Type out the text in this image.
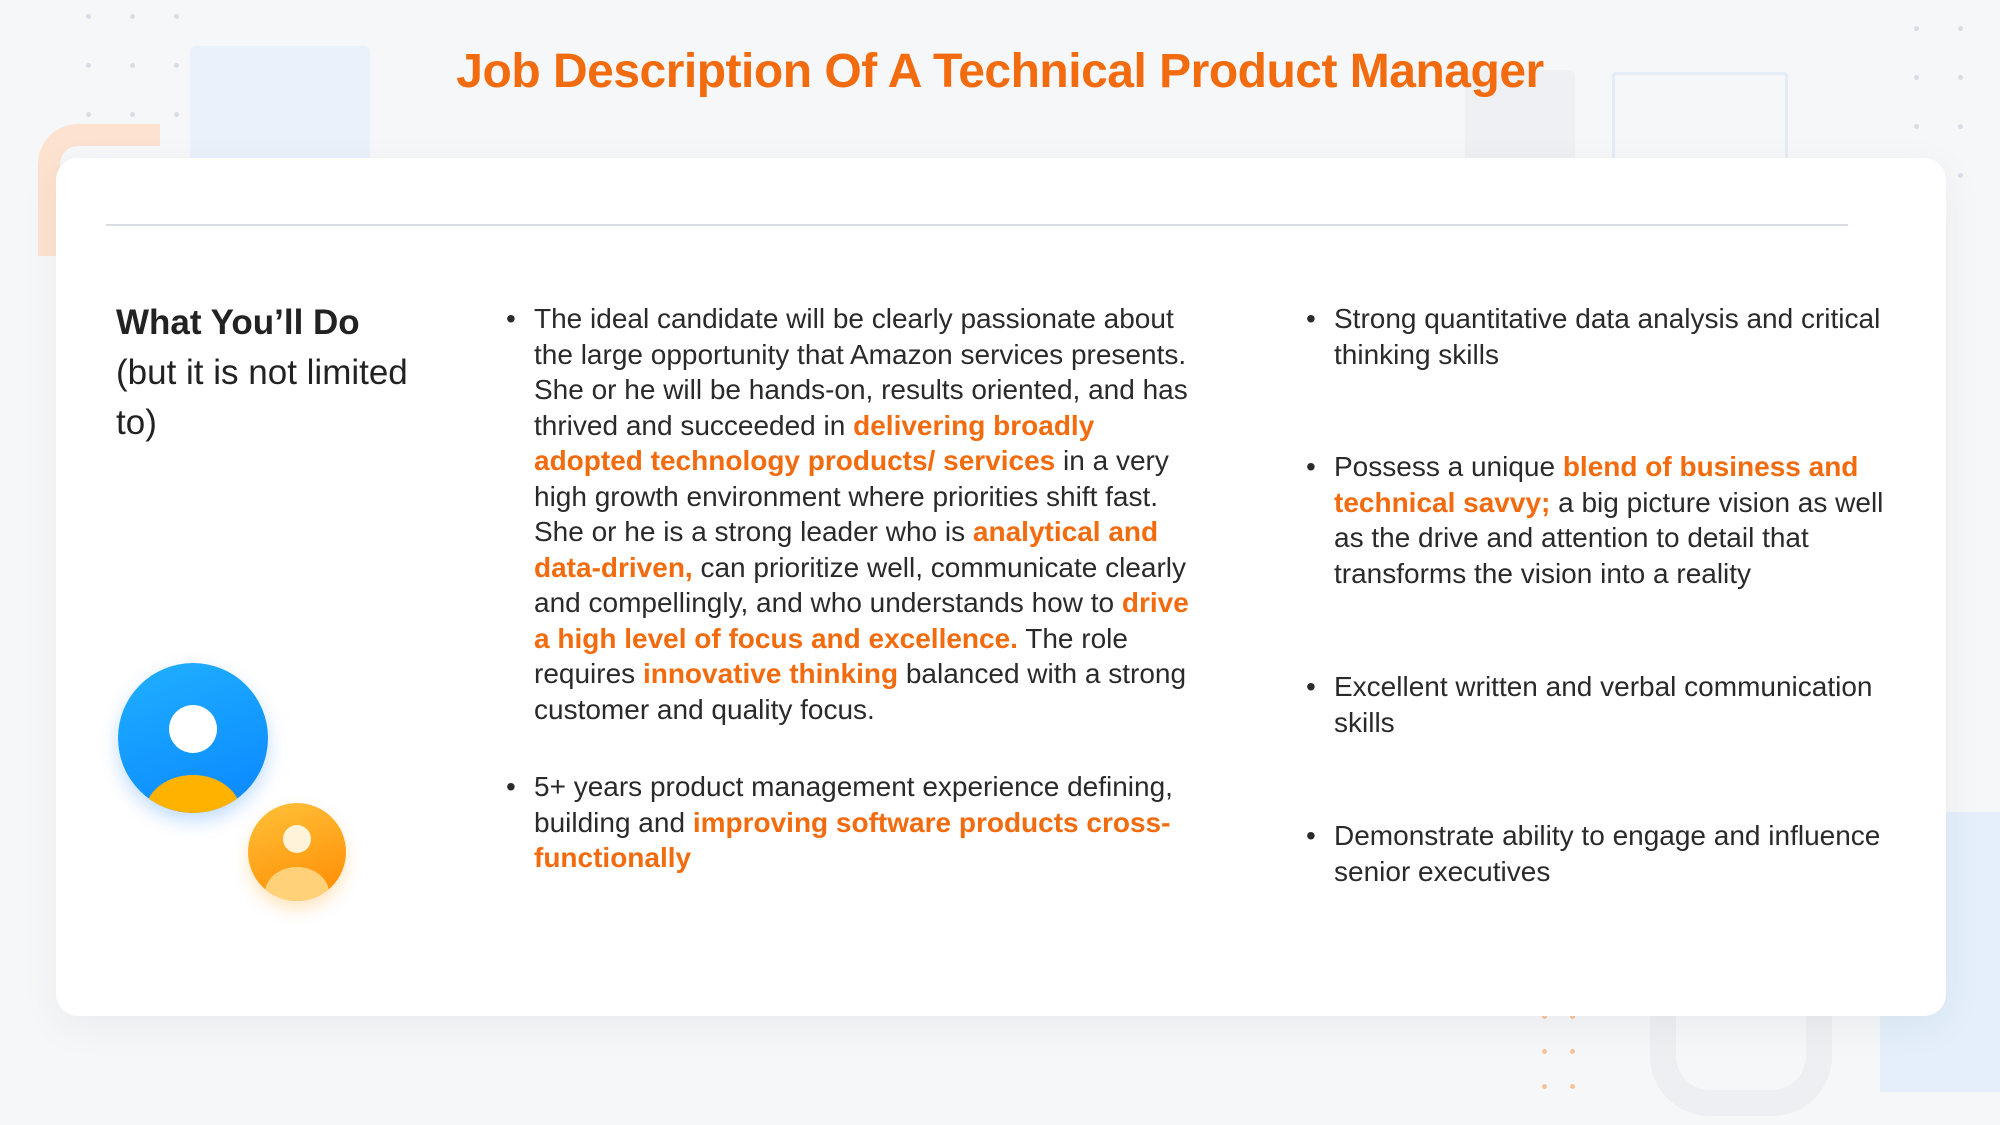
Job Description Of A Technical Product Manager
What You’ll Do
(but it is not limited to)
• The ideal candidate will be clearly passionate about the large opportunity that Amazon services presents. She or he will be hands-on, results oriented, and has thrived and succeeded in delivering broadly adopted technology products/ services in a very high growth environment where priorities shift fast. She or he is a strong leader who is analytical and data-driven, can prioritize well, communicate clearly and compellingly, and who understands how to drive a high level of focus and excellence. The role requires innovative thinking balanced with a strong customer and quality focus.
• 5+ years product management experience defining, building and improving software products cross-functionally
• Strong quantitative data analysis and critical thinking skills
• Possess a unique blend of business and technical savvy; a big picture vision as well as the drive and attention to detail that transforms the vision into a reality
• Excellent written and verbal communication skills
• Demonstrate ability to engage and influence senior executives
